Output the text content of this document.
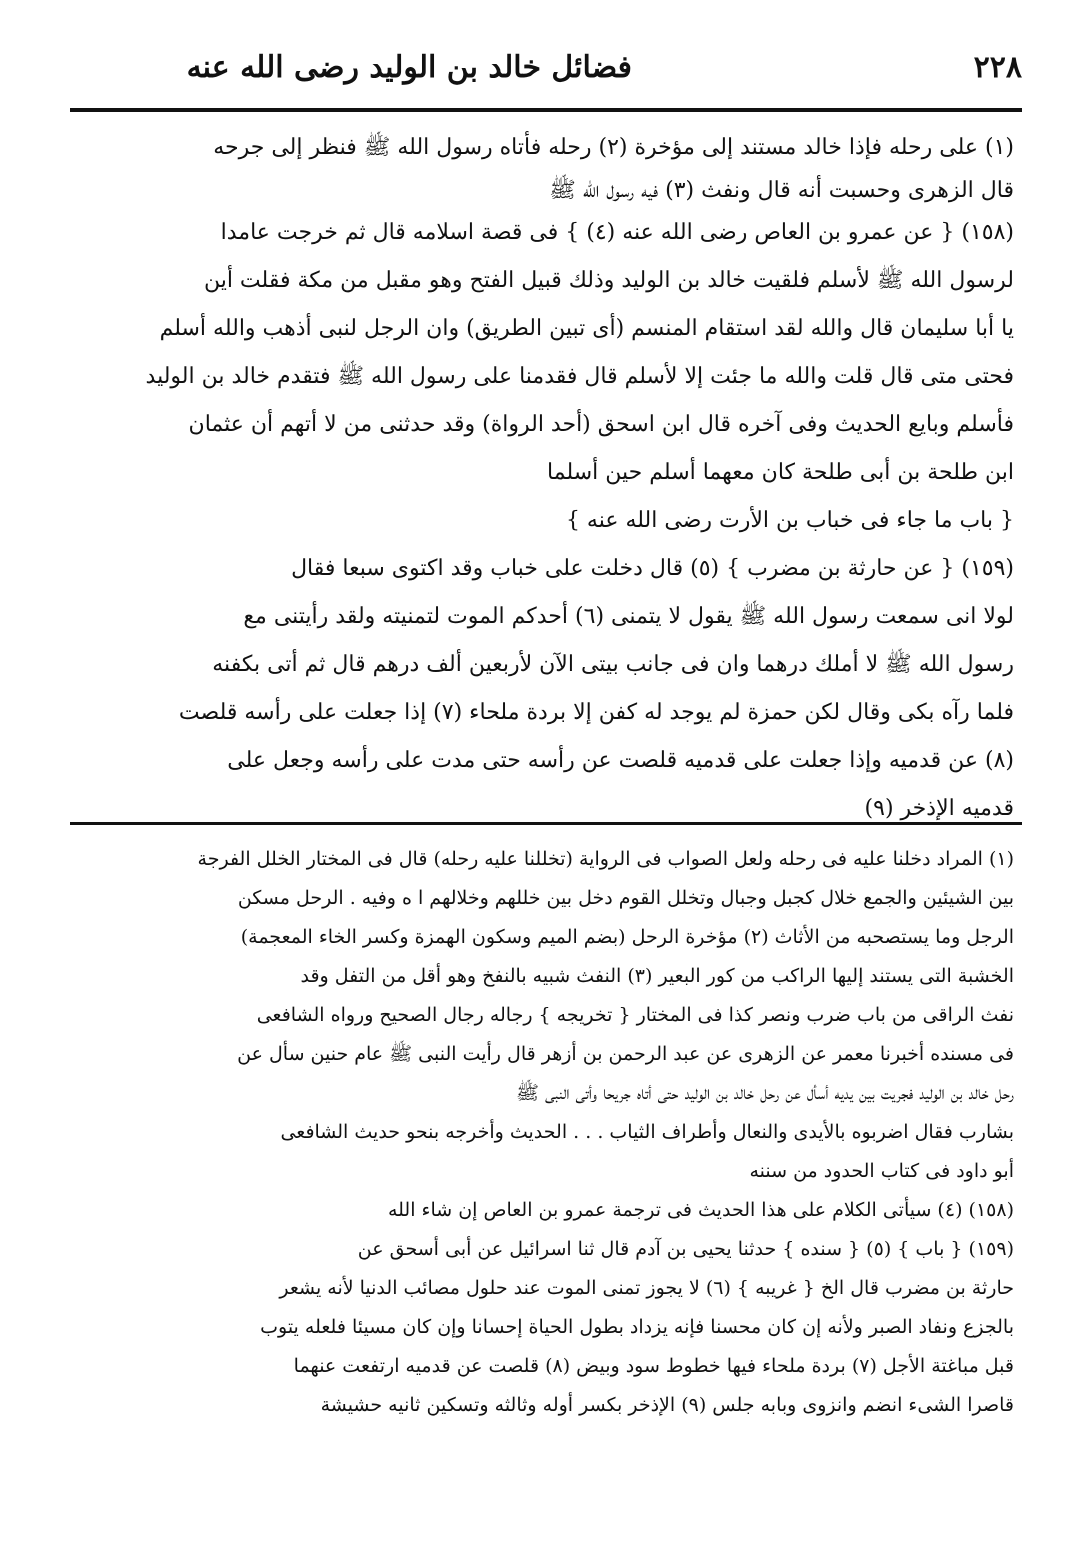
٢٢٨
فضائل خالد بن الوليد رضى الله عنه
(١) على رحله فإذا خالد مستند إلى مؤخرة (٢) رحله فأتاه رسول الله ﷺ فنظر إلى جرحه
قال الزهرى وحسبت أنه قال ونفث (٣) فيه رسول الله ﷺ
(١٥٨) { عن عمرو بن العاص رضى الله عنه (٤) } فى قصة اسلامه قال ثم خرجت عامدا
لرسول الله ﷺ لأسلم فلقيت خالد بن الوليد وذلك قبيل الفتح وهو مقبل من مكة فقلت أين
يا أبا سليمان قال والله لقد استقام المنسم (أى تبين الطريق) وان الرجل لنبى أذهب والله أسلم
فحتى متى قال قلت والله ما جئت إلا لأسلم قال فقدمنا على رسول الله ﷺ فتقدم خالد بن الوليد
فأسلم وبايع الحديث وفى آخره قال ابن اسحق (أحد الرواة) وقد حدثنى من لا أتهم أن عثمان
ابن طلحة بن أبى طلحة كان معهما أسلم حين أسلما
{ باب ما جاء فى خباب بن الأرت رضى الله عنه }
(١٥٩) { عن حارثة بن مضرب } (٥) قال دخلت على خباب وقد اكتوى سبعا فقال
لولا انى سمعت رسول الله ﷺ يقول لا يتمنى (٦) أحدكم الموت لتمنيته ولقد رأيتنى مع
رسول الله ﷺ لا أملك درهما وان فى جانب بيتى الآن لأربعين ألف درهم قال ثم أتى بكفنه
فلما رآه بكى وقال لكن حمزة لم يوجد له كفن إلا بردة ملحاء (٧) إذا جعلت على رأسه قلصت
(٨) عن قدميه وإذا جعلت على قدميه قلصت عن رأسه حتى مدت على رأسه وجعل على
قدميه الإذخر (٩)
(١) المراد دخلنا عليه فى رحله ولعل الصواب فى الرواية (تخللنا عليه رحله) قال فى المختار الخلل الفرجة
بين الشيئين والجمع خلال كجبل وجبال وتخلل القوم دخل بين خللهم وخلالهم ا ه وفيه . الرحل مسكن
الرجل وما يستصحبه من الأثاث (٢) مؤخرة الرحل (بضم الميم وسكون الهمزة وكسر الخاء المعجمة)
الخشبة التى يستند إليها الراكب من كور البعير (٣) النفث شبيه بالنفخ وهو أقل من التفل وقد
نفث الراقى من باب ضرب ونصر كذا فى المختار { تخريجه } رجاله رجال الصحيح ورواه الشافعى
فى مسنده أخبرنا معمر عن الزهرى عن عبد الرحمن بن أزهر قال رأيت النبى ﷺ عام حنين سأل عن
رحل خالد بن الوليد فجريت بين يديه أسأل عن رحل خالد بن الوليد حتى أتاه جريحا وأتى النبى ﷺ
بشارب فقال اضربوه بالأيدى والنعال وأطراف الثياب . . . الحديث وأخرجه بنحو حديث الشافعى
أبو داود فى كتاب الحدود من سننه
(١٥٨) (٤) سيأتى الكلام على هذا الحديث فى ترجمة عمرو بن العاص إن شاء الله
(١٥٩) { باب } (٥) { سنده } حدثنا يحيى بن آدم قال ثنا اسرائيل عن أبى أسحق عن
حارثة بن مضرب قال الخ { غريبه } (٦) لا يجوز تمنى الموت عند حلول مصائب الدنيا لأنه يشعر
بالجزع ونفاد الصبر ولأنه إن كان محسنا فإنه يزداد بطول الحياة إحسانا وإن كان مسيئا فلعله يتوب
قبل مباغتة الأجل (٧) بردة ملحاء فيها خطوط سود وبيض (٨) قلصت عن قدميه ارتفعت عنهما
قاصرا الشىء انضم وانزوى وبابه جلس (٩) الإذخر بكسر أوله وثالثه وتسكين ثانيه حشيشة
